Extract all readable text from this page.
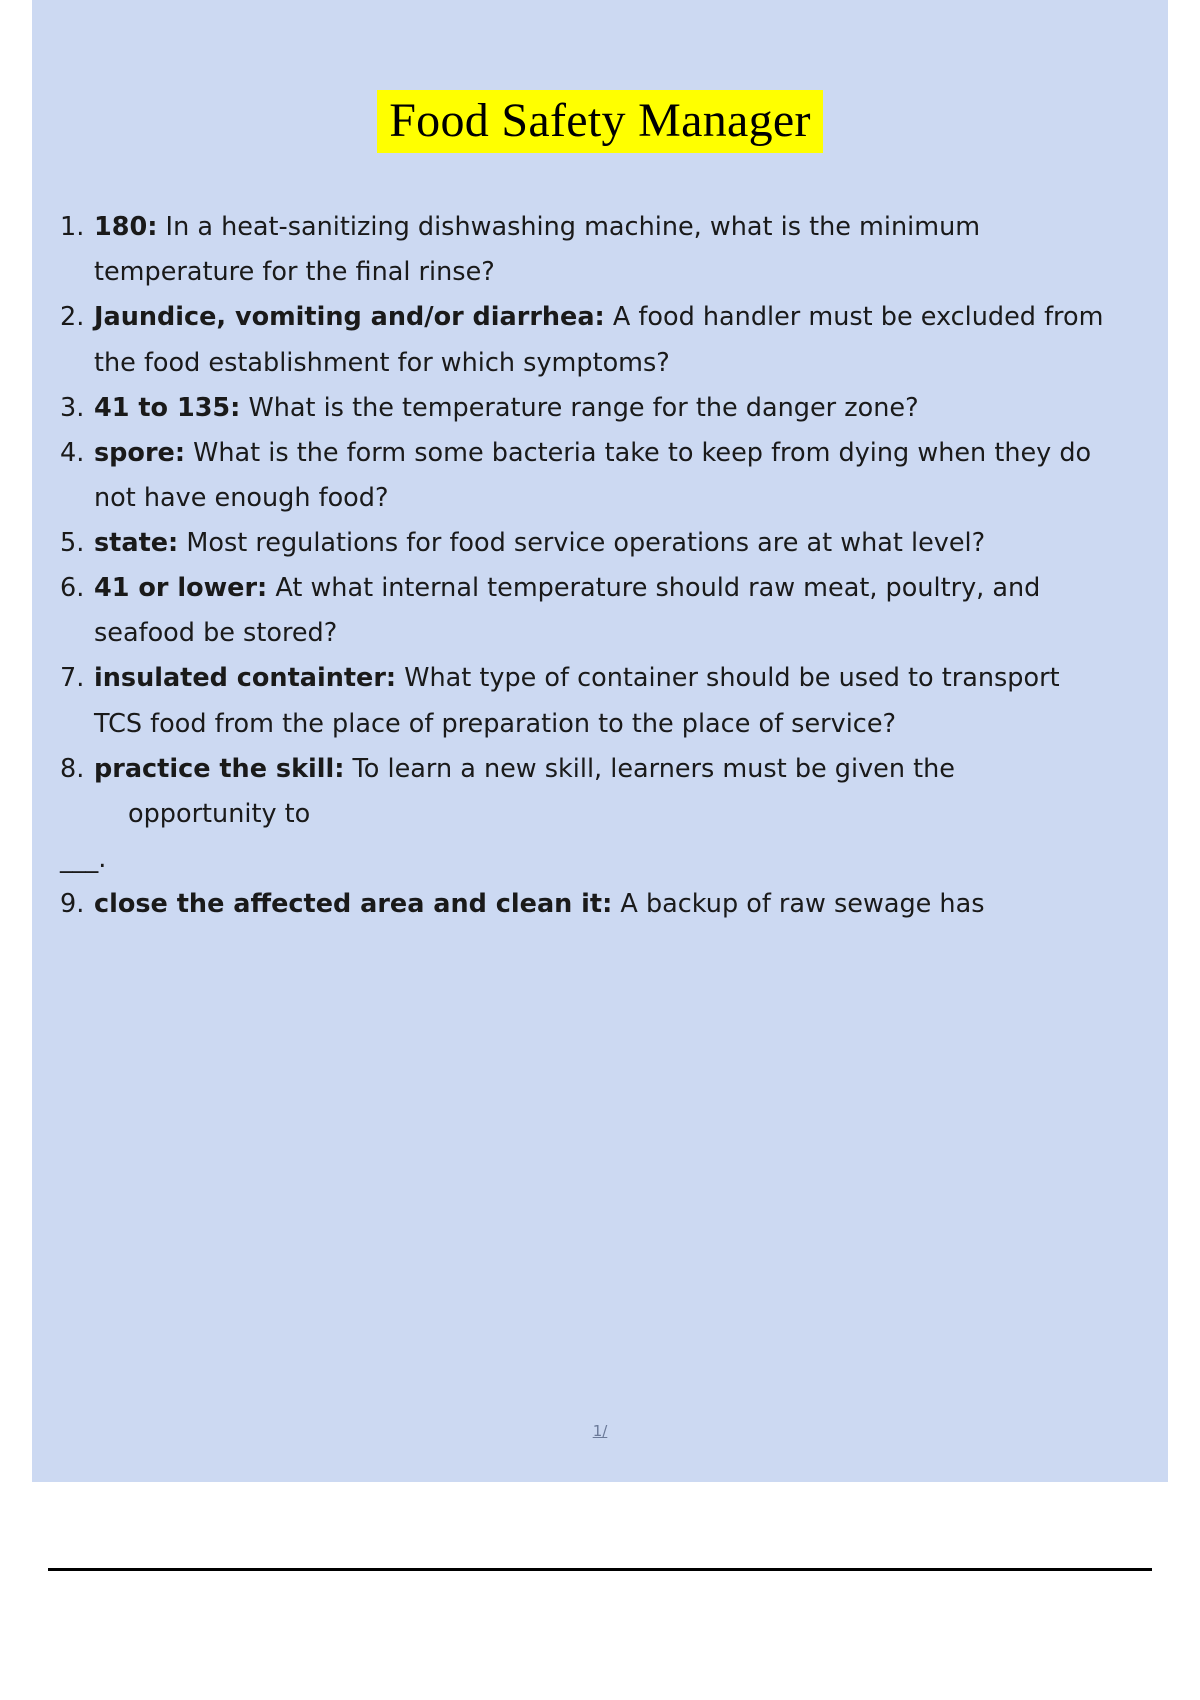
Food Safety Manager
180: In a heat-sanitizing dishwashing machine, what is the minimum temperature for the final rinse?
Jaundice, vomiting and/or diarrhea: A food handler must be excluded from the food establishment for which symptoms?
41 to 135: What is the temperature range for the danger zone?
spore: What is the form some bacteria take to keep from dying when they do not have enough food?
state: Most regulations for food service operations are at what level?
41 or lower: At what internal temperature should raw meat, poultry, and seafood be stored?
insulated containter: What type of container should be used to transport TCS food from the place of preparation to the place of service?
practice the skill: To learn a new skill, learners must be given the
opportunity to
___.
close the affected area and clean it: A backup of raw sewage has
1/
